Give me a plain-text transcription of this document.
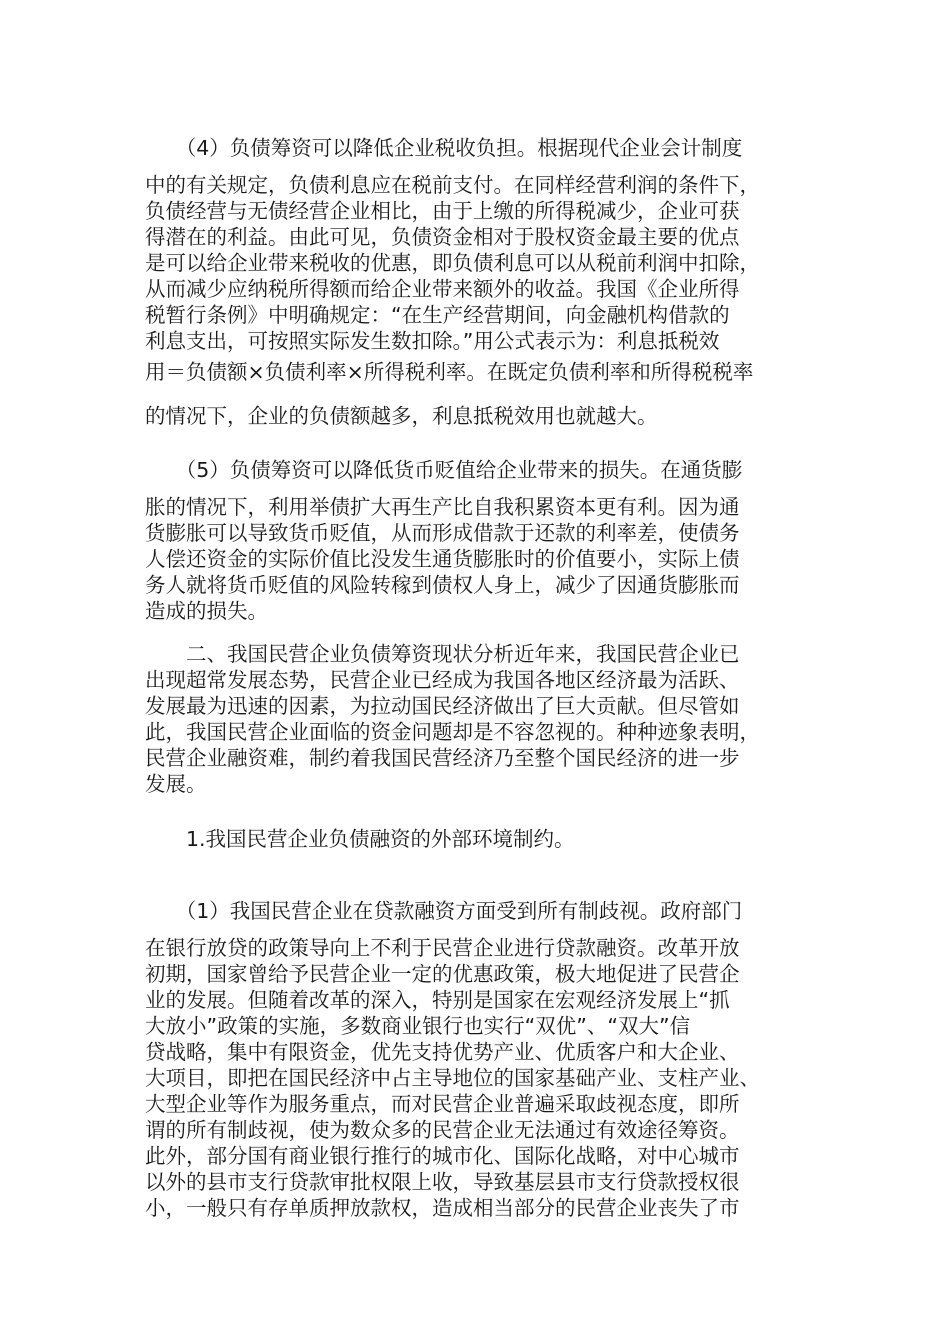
　　（4）负债筹资可以降低企业税收负担。根据现代企业会计制度

中的有关规定，负债利息应在税前支付。在同样经营利润的条件下，
负债经营与无债经营企业相比，由于上缴的所得税减少，企业可获
得潜在的利益。由此可见，负债资金相对于股权资金最主要的优点
是可以给企业带来税收的优惠，即负债利息可以从税前利润中扣除，
从而减少应纳税所得额而给企业带来额外的收益。我国《企业所得
税暂行条例》中明确规定：“在生产经营期间，向金融机构借款的
利息支出，可按照实际发生数扣除。”用公式表示为：利息抵税效

用＝负债额×负债利率×所得税利率。在既定负债利率和所得税税率
的情况下，企业的负债额越多，利息抵税效用也就越大。

　　（5）负债筹资可以降低货币贬值给企业带来的损失。在通货膨

胀的情况下，利用举债扩大再生产比自我积累资本更有利。因为通
货膨胀可以导致货币贬值，从而形成借款于还款的利率差，使债务
人偿还资金的实际价值比没发生通货膨胀时的价值要小，实际上债
务人就将货币贬值的风险转稼到债权人身上，减少了因通货膨胀而
造成的损失。

　　二、我国民营企业负债筹资现状分析近年来，我国民营企业已
出现超常发展态势，民营企业已经成为我国各地区经济最为活跃、
发展最为迅速的因素，为拉动国民经济做出了巨大贡献。但尽管如
此，我国民营企业面临的资金问题却是不容忽视的。种种迹象表明，
民营企业融资难，制约着我国民营经济乃至整个国民经济的进一步
发展。

　　1.我国民营企业负债融资的外部环境制约。

　　（1）我国民营企业在贷款融资方面受到所有制歧视。政府部门

在银行放贷的政策导向上不利于民营企业进行贷款融资。改革开放
初期，国家曾给予民营企业一定的优惠政策，极大地促进了民营企
业的发展。但随着改革的深入，特别是国家在宏观经济发展上“抓
大放小”政策的实施，多数商业银行也实行“双优”、“双大”信
贷战略，集中有限资金，优先支持优势产业、优质客户和大企业、
大项目，即把在国民经济中占主导地位的国家基础产业、支柱产业、
大型企业等作为服务重点，而对民营企业普遍采取歧视态度，即所
谓的所有制歧视，使为数众多的民营企业无法通过有效途径筹资。
此外，部分国有商业银行推行的城市化、国际化战略，对中心城市
以外的县市支行贷款审批权限上收，导致基层县市支行贷款授权很
小，一般只有存单质押放款权，造成相当部分的民营企业丧失了市
